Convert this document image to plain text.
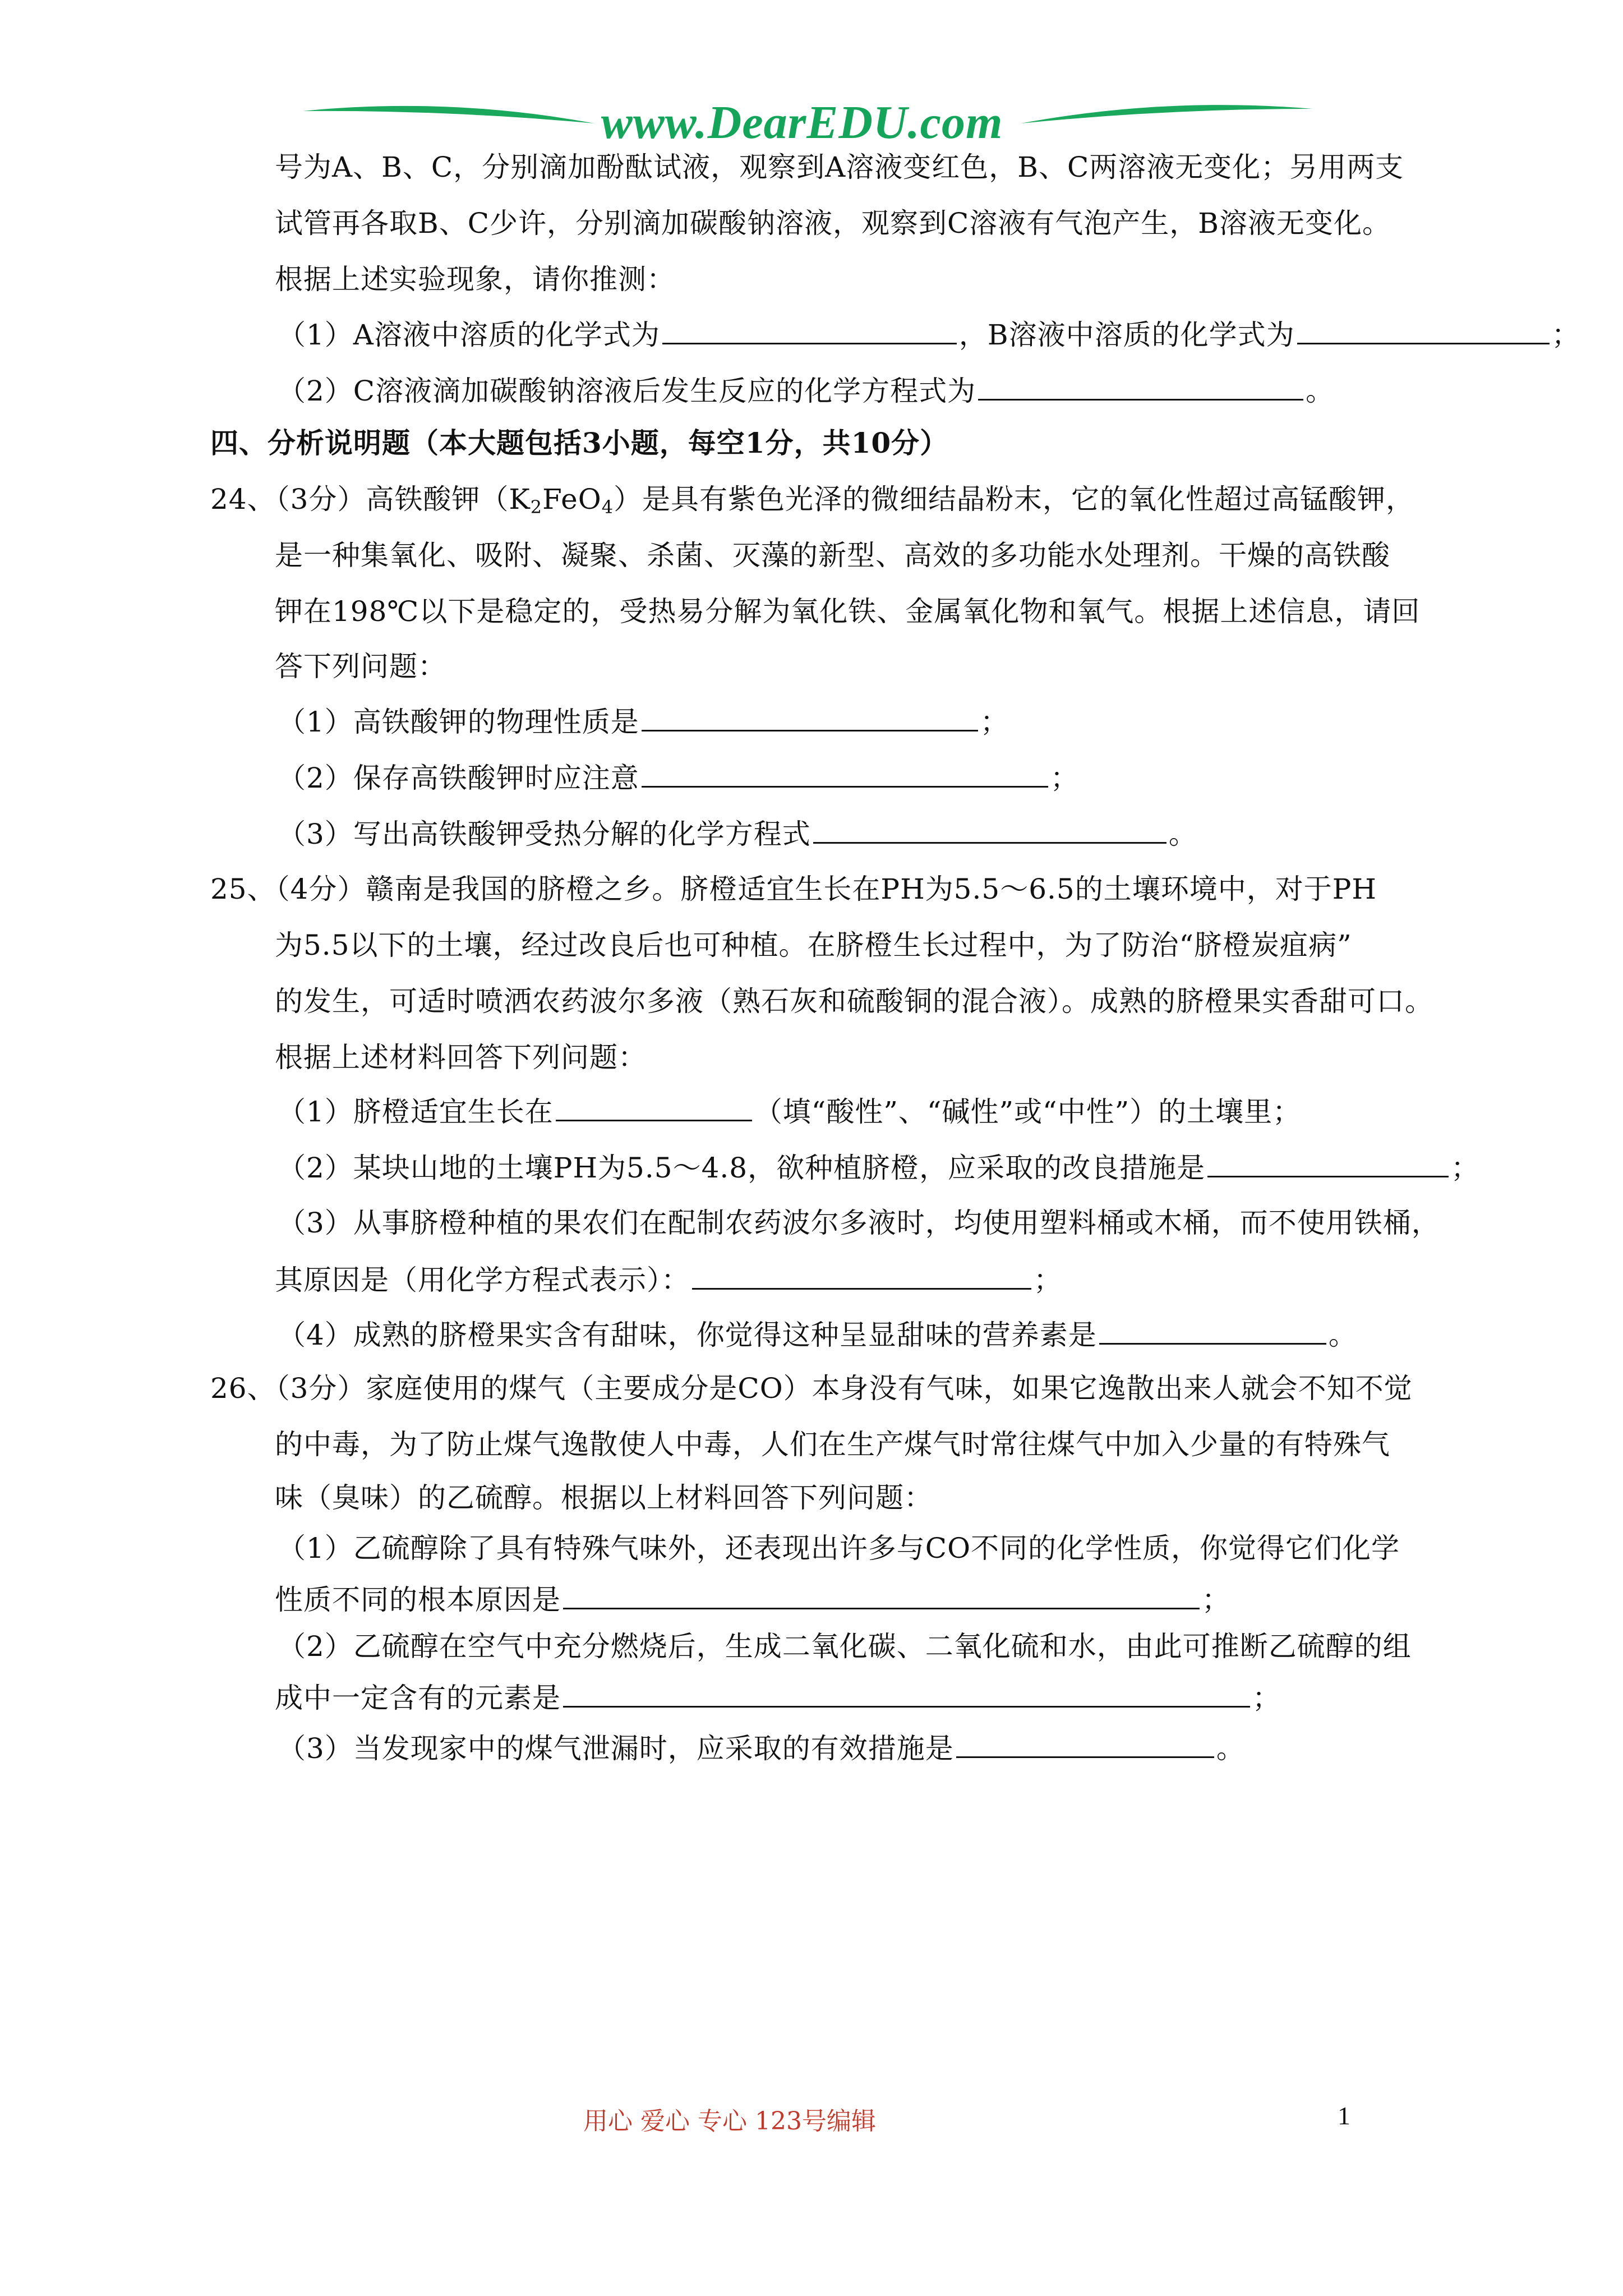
www.DearEDU.com
号为A、B、C，分别滴加酚酞试液，观察到A溶液变红色，B、C两溶液无变化；另用两支
试管再各取B、C少许，分别滴加碳酸钠溶液，观察到C溶液有气泡产生，B溶液无变化。
根据上述实验现象，请你推测：
（1）A溶液中溶质的化学式为	，B溶液中溶质的化学式为	；
（2）C溶液滴加碳酸钠溶液后发生反应的化学方程式为	。
四、分析说明题（本大题包括3小题，每空1分，共10分）
24、（3分）高铁酸钾$(K_2FeO_4)$是具有紫色光泽的微细结晶粉末，它的氧化性超过高锰酸钾，
是一种集氧化、吸附、凝聚、杀菌、灭藻的新型、高效的多功能水处理剂。干燥的高铁酸
钾在198℃以下是稳定的，受热易分解为氧化铁、金属氧化物和氧气。根据上述信息，请回
答下列问题：
（1）高铁酸钾的物理性质是	；
（2）保存高铁酸钾时应注意	；
（3）写出高铁酸钾受热分解的化学方程式	。
25、（4分）赣南是我国的脐橙之乡。脐橙适宜生长在PH为5.5～6.5的土壤环境中，对于PH
为5.5以下的土壤，经过改良后也可种植。在脐橙生长过程中，为了防治“脐橙炭疽病”
的发生，可适时喷洒农药波尔多液（熟石灰和硫酸铜的混合液）。成熟的脐橙果实香甜可口。
根据上述材料回答下列问题：
（1）脐橙适宜生长在	（填“酸性”、“碱性”或“中性”）的土壤里；
（2）某块山地的土壤PH为5.5～4.8，欲种植脐橙，应采取的改良措施是	；
（3）从事脐橙种植的果农们在配制农药波尔多液时，均使用塑料桶或木桶，而不使用铁桶，
其原因是（用化学方程式表示）：	；
（4）成熟的脐橙果实含有甜味，你觉得这种呈显甜味的营养素是	。
26、（3分）家庭使用的煤气（主要成分是CO）本身没有气味，如果它逸散出来人就会不知不觉
的中毒，为了防止煤气逸散使人中毒，人们在生产煤气时常往煤气中加入少量的有特殊气
味（臭味）的乙硫醇。根据以上材料回答下列问题：
（1）乙硫醇除了具有特殊气味外，还表现出许多与CO不同的化学性质，你觉得它们化学
性质不同的根本原因是	；
（2）乙硫醇在空气中充分燃烧后，生成二氧化碳、二氧化硫和水，由此可推断乙硫醇的组
成中一定含有的元素是	；
（3）当发现家中的煤气泄漏时，应采取的有效措施是	。
用心 爱心 专心 123号编辑	1
